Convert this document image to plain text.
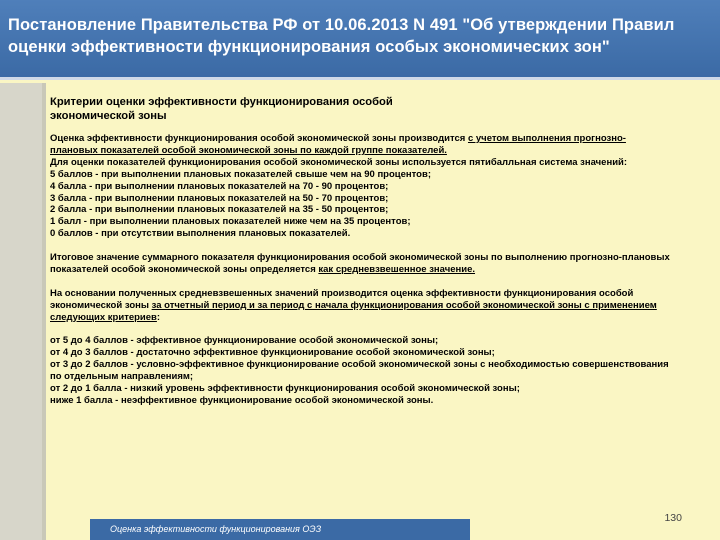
Постановление Правительства РФ от 10.06.2013 N 491 "Об утверждении Правил оценки эффективности функционирования особых экономических зон"
Критерии оценки эффективности функционирования особой экономической зоны

Оценка эффективности функционирования особой экономической зоны производится с учетом выполнения прогнозно-плановых показателей особой экономической зоны по каждой группе показателей.

Для оценки показателей функционирования особой экономической зоны используется пятибалльная система значений:

5 баллов - при выполнении плановых показателей свыше чем на 90 процентов;
4 балла - при выполнении плановых показателей на 70 - 90 процентов;
3 балла - при выполнении плановых показателей на 50 - 70 процентов;
2 балла - при выполнении плановых показателей на 35 - 50 процентов;
1 балл - при выполнении плановых показателей ниже чем на 35 процентов;
0 баллов - при отсутствии выполнения плановых показателей.

Итоговое значение суммарного показателя функционирования особой экономической зоны по выполнению прогнозно-плановых показателей особой экономической зоны определяется как средневзвешенное значение.

На основании полученных средневзвешенных значений производится оценка эффективности функционирования особой экономической зоны за отчетный период и за период с начала функционирования особой экономической зоны с применением следующих критериев:

от 5 до 4 баллов - эффективное функционирование особой экономической зоны;
от 4 до 3 баллов - достаточно эффективное функционирование особой экономической зоны;
от 3 до 2 баллов - условно-эффективное функционирование особой экономической зоны с необходимостью совершенствования по отдельным направлениям;
от 2 до 1 балла - низкий уровень эффективности функционирования особой экономической зоны;
ниже 1 балла - неэффективное функционирование особой экономической зоны.
130
Оценка эффективности функционирования ОЭЗ
